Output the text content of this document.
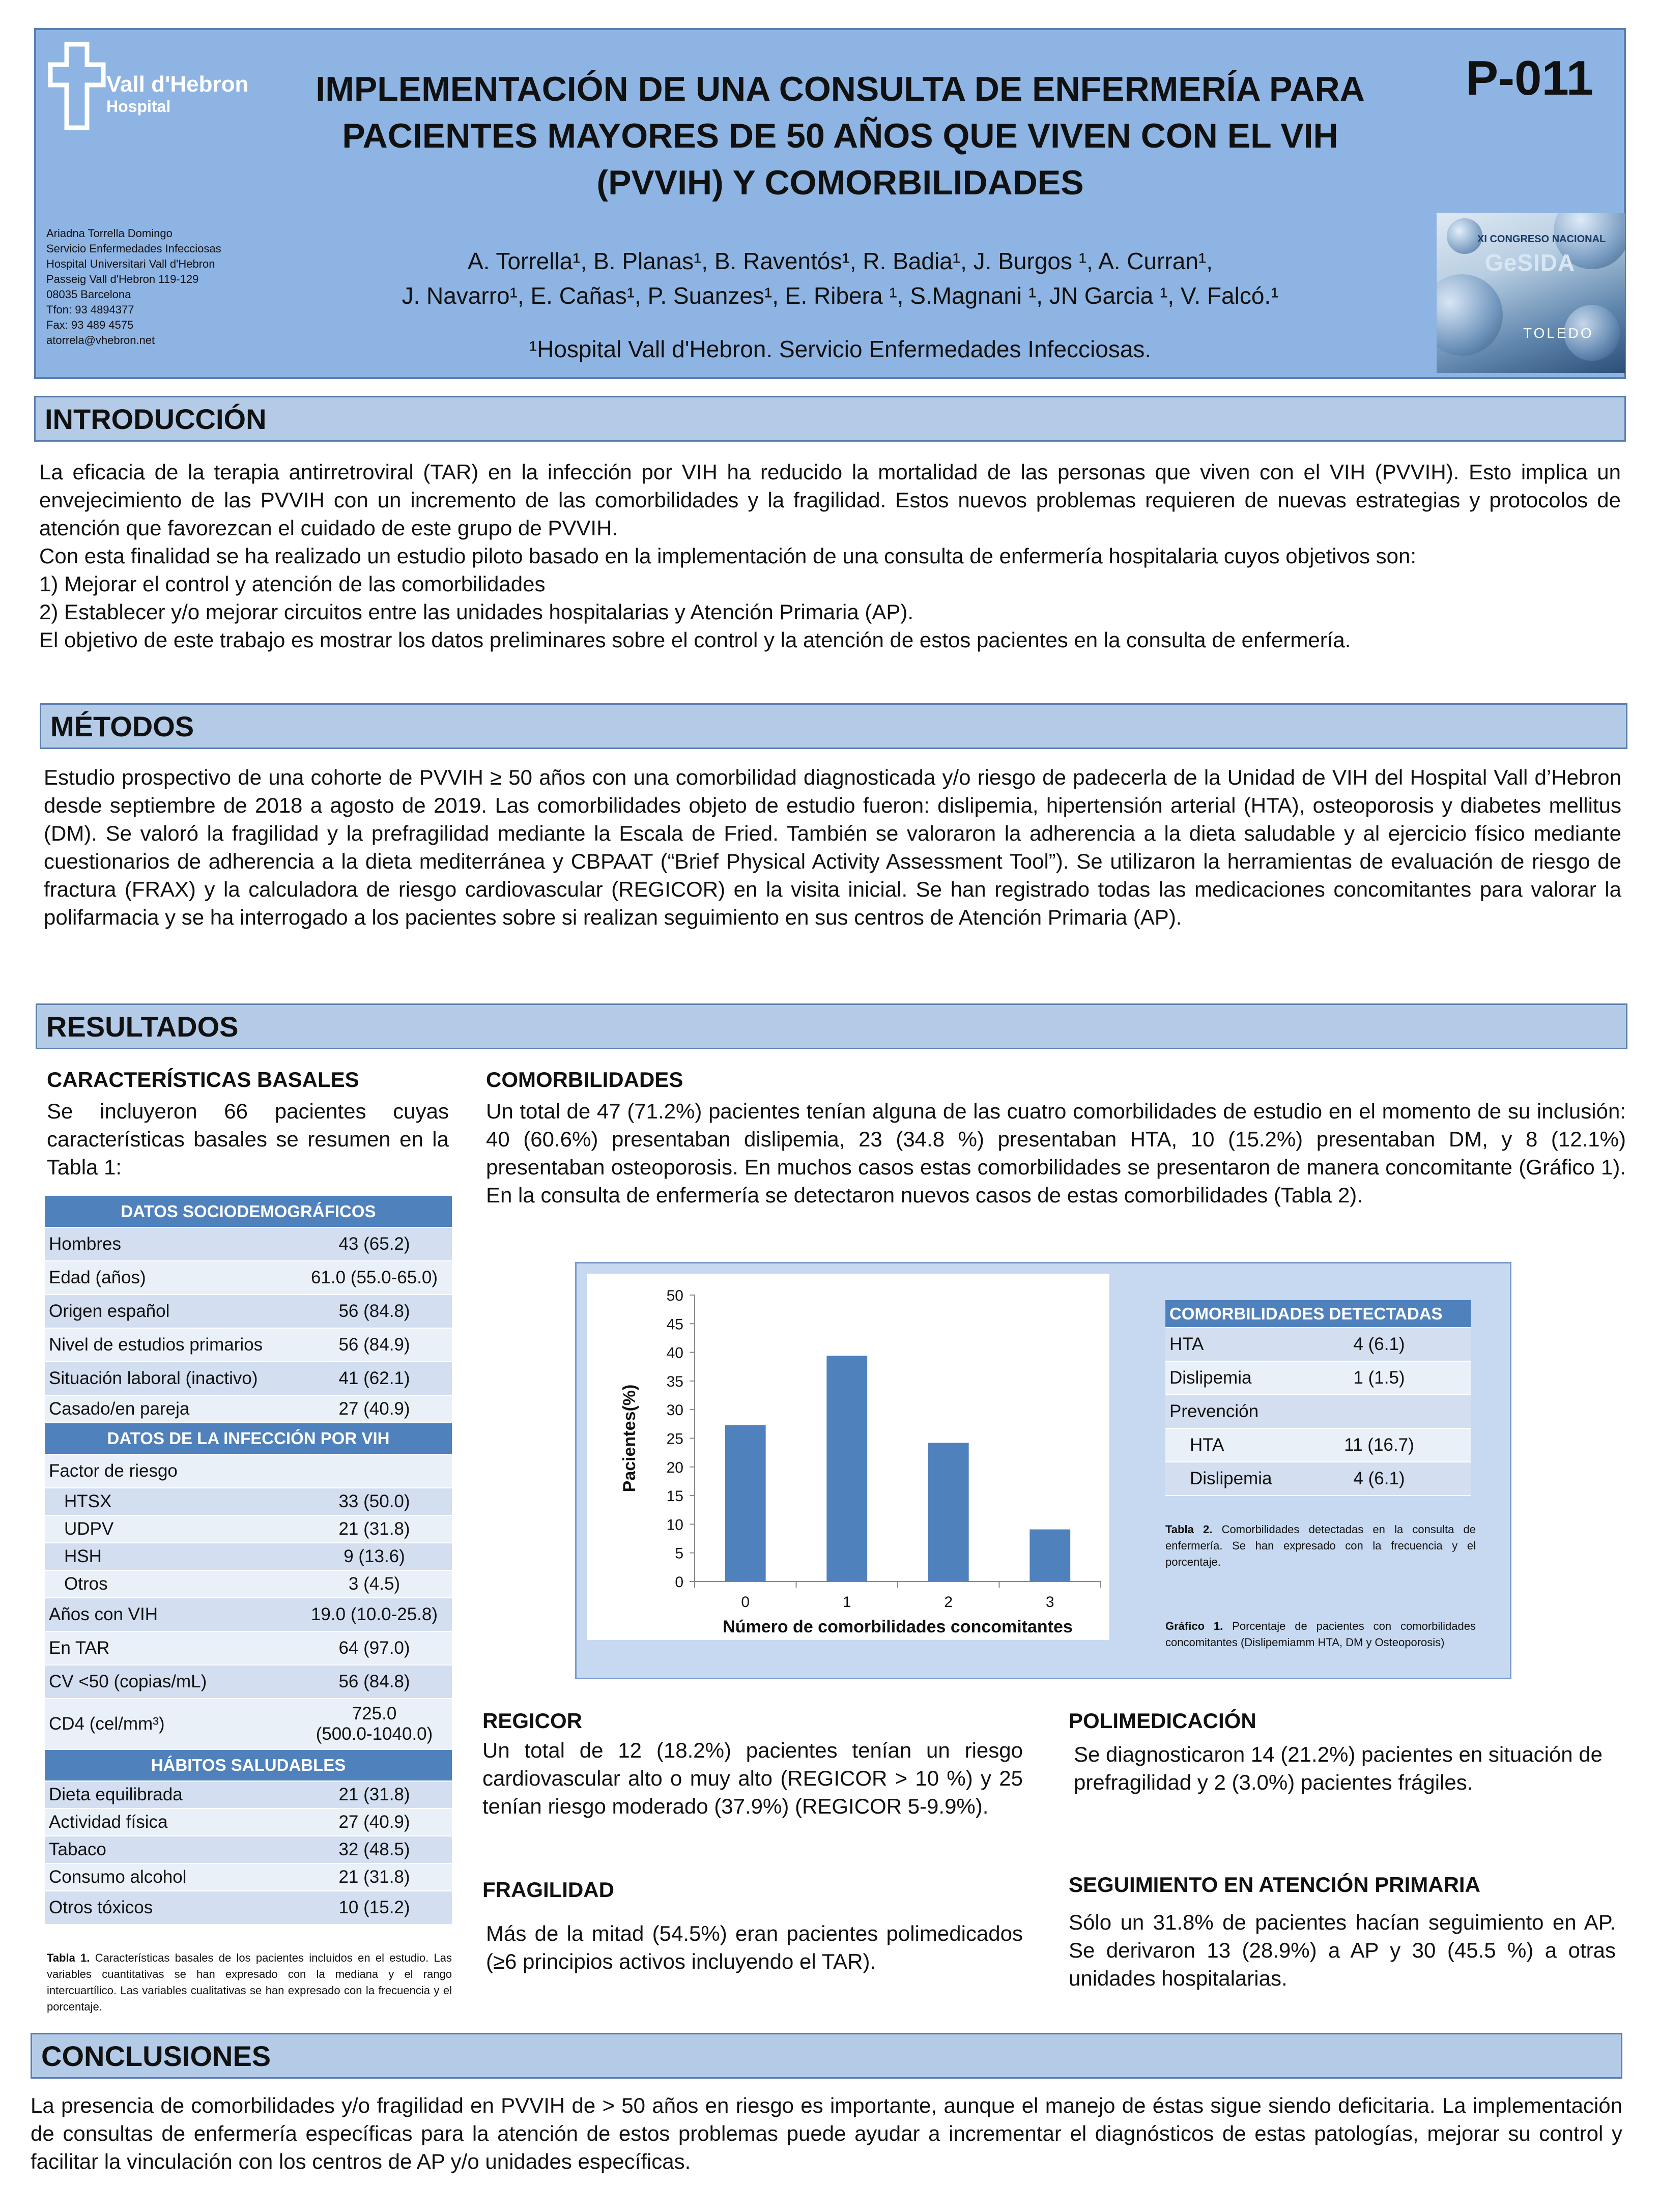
Vall d'Hebron
Hospital
Ariadna Torrella Domingo
Servicio Enfermedades Infecciosas
Hospital Universitari Vall d'Hebron
Passeig Vall d'Hebron 119-129
08035 Barcelona
Tfon: 93 4894377
Fax: 93 489 4575
atorrela@vhebron.net
IMPLEMENTACIÓN DE UNA CONSULTA DE ENFERMERÍA PARA
PACIENTES MAYORES DE 50 AÑOS QUE VIVEN CON EL VIH
(PVVIH) Y COMORBILIDADES
A. Torrella¹, B. Planas¹, B. Raventós¹, R. Badia¹, J. Burgos ¹, A. Curran¹,
J. Navarro¹, E. Cañas¹, P. Suanzes¹, E. Ribera ¹, S.Magnani ¹, JN Garcia ¹, V. Falcó.¹
¹Hospital Vall d'Hebron. Servicio Enfermedades Infecciosas.
P-011
XI CONGRESO NACIONAL
GeSIDA
TOLEDO
INTRODUCCIÓN
La eficacia de la terapia antirretroviral (TAR) en la infección por VIH ha reducido la mortalidad de las personas que viven con el VIH (PVVIH). Esto implica un envejecimiento de las PVVIH con un incremento de las comorbilidades y la fragilidad. Estos nuevos problemas requieren de nuevas estrategias y protocolos de atención que favorezcan el cuidado de este grupo de PVVIH.
Con esta finalidad se ha realizado un estudio piloto basado en la implementación de una consulta de enfermería hospitalaria cuyos objetivos son:
1) Mejorar el control y atención de las comorbilidades
2) Establecer y/o mejorar circuitos entre las unidades hospitalarias y Atención Primaria (AP).
El objetivo de este trabajo es mostrar los datos preliminares sobre el control y la atención de estos pacientes en la consulta de enfermería.
MÉTODOS
Estudio prospectivo de una cohorte de PVVIH ≥ 50 años con una comorbilidad diagnosticada y/o riesgo de padecerla de la Unidad de VIH del Hospital Vall d’Hebron desde septiembre de 2018 a agosto de 2019. Las comorbilidades objeto de estudio fueron: dislipemia, hipertensión arterial (HTA), osteoporosis y diabetes mellitus (DM). Se valoró la fragilidad y la prefragilidad mediante la Escala de Fried. También se valoraron la adherencia a la dieta saludable y al ejercicio físico mediante cuestionarios de adherencia a la dieta mediterránea y CBPAAT (“Brief Physical Activity Assessment Tool”). Se utilizaron la herramientas de evaluación de riesgo de fractura (FRAX) y la calculadora de riesgo cardiovascular (REGICOR) en la visita inicial. Se han registrado todas las medicaciones concomitantes para valorar la polifarmacia y se ha interrogado a los pacientes sobre si realizan seguimiento en sus centros de Atención Primaria (AP).
RESULTADOS
CARACTERÍSTICAS BASALES
Se incluyeron 66 pacientes cuyas características basales se resumen en la Tabla 1:
DATOS SOCIODEMOGRÁFICOS	
Hombres	43 (65.2)
Edad (años)	61.0 (55.0-65.0)
Origen español	56 (84.8)
Nivel de estudios primarios	56 (84.9)
Situación laboral (inactivo)	41 (62.1)
Casado/en pareja	27 (40.9)
DATOS DE LA INFECCIÓN POR VIH	
Factor de riesgo	
HTSX	33 (50.0)
UDPV	21 (31.8)
HSH	9 (13.6)
Otros	3 (4.5)
Años con VIH	19.0 (10.0-25.8)
En TAR	64 (97.0)
CV <50 (copias/mL)	56 (84.8)
CD4 (cel/mm³)	725.0
(500.0-1040.0)

HÁBITOS SALUDABLES	
Dieta equilibrada	21 (31.8)
Actividad física	27 (40.9)
Tabaco	32 (48.5)
Consumo alcohol	21 (31.8)
Otros tóxicos	10 (15.2)
Tabla 1. Características basales de los pacientes incluidos en el estudio. Las variables cuantitativas se han expresado con la mediana y el rango intercuartílico. Las variables cualitativas se han expresado con la frecuencia y el porcentaje.
COMORBILIDADES
Un total de 47 (71.2%) pacientes tenían alguna de las cuatro comorbilidades de estudio en el momento de su inclusión: 40 (60.6%) presentaban dislipemia, 23 (34.8 %) presentaban HTA, 10 (15.2%) presentaban DM, y 8 (12.1%) presentaban osteoporosis. En muchos casos estas comorbilidades se presentaron de manera concomitante (Gráfico 1). En la consulta de enfermería se detectaron nuevos casos de estas comorbilidades (Tabla 2).
0
5
10
15
20
25
30
35
40
45
50
0	1	2	3
Número de comorbilidades concomitantes
Pacientes(%)
COMORBILIDADES DETECTADAS	
HTA	4 (6.1)
Dislipemia	1 (1.5)
Prevención	
HTA	11 (16.7)
Dislipemia	4 (6.1)
Tabla 2. Comorbilidades detectadas en la consulta de enfermería. Se han expresado con la frecuencia y el porcentaje.
Gráfico 1. Porcentaje de pacientes con comorbilidades concomitantes (Dislipemiamm HTA, DM y Osteoporosis)
REGICOR
Un total de 12 (18.2%) pacientes tenían un riesgo cardiovascular alto o muy alto (REGICOR > 10 %) y 25 tenían riesgo moderado (37.9%) (REGICOR 5-9.9%).
FRAGILIDAD
Más de la mitad (54.5%) eran pacientes polimedicados (≥6 principios activos incluyendo el TAR).
POLIMEDICACIÓN
Se diagnosticaron 14 (21.2%) pacientes en situación de prefragilidad y 2 (3.0%) pacientes frágiles.
SEGUIMIENTO EN ATENCIÓN PRIMARIA
Sólo un 31.8% de pacientes hacían seguimiento en AP. Se derivaron 13 (28.9%) a AP y 30 (45.5 %) a otras unidades hospitalarias.
CONCLUSIONES
La presencia de comorbilidades y/o fragilidad en PVVIH de > 50 años en riesgo es importante, aunque el manejo de éstas sigue siendo deficitaria. La implementación de consultas de enfermería específicas para la atención de estos problemas puede ayudar a incrementar el diagnósticos de estas patologías, mejorar su control y facilitar la vinculación con los centros de AP y/o unidades específicas.
